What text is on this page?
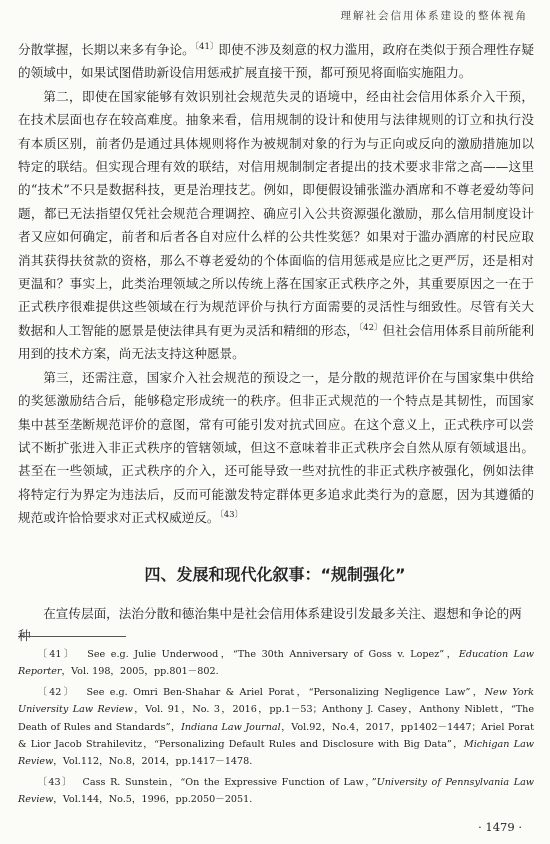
理解社会信用体系建设的整体视角

分散掌握，长期以来多有争论。$^{〔41〕}$即使不涉及刻意的权力滥用，政府在类似于预合理性存疑的领域中，如果试图借助新设信用惩戒扩展直接干预，都可预见将面临实施阻力。

第二，即使在国家能够有效识别社会规范失灵的语境中，经由社会信用体系介入干预，在技术层面也存在较高难度。抽象来看，信用规制的设计和使用与法律规则的订立和执行没有本质区别，前者仍是通过具体规则将作为被规制对象的行为与正向或反向的激励措施加以特定的联结。但实现合理有效的联结，对信用规制制定者提出的技术要求非常之高——这里的“技术”不只是数据科技，更是治理技艺。例如，即便假设铺张滥办酒席和不尊老爱幼等问题，都已无法指望仅凭社会规范合理调控、确应引入公共资源强化激励，那么信用制度设计者又应如何确定，前者和后者各自对应什么样的公共性奖惩？如果对于滥办酒席的村民应取消其获得扶贫款的资格，那么不尊老爱幼的个体面临的信用惩戒是应比之更严厉，还是相对更温和？事实上，此类治理领域之所以传统上落在国家正式秩序之外，其重要原因之一在于正式秩序很难提供这些领域在行为规范评价与执行方面需要的灵活性与细致性。尽管有关大数据和人工智能的愿景是使法律具有更为灵活和精细的形态，$^{〔42〕}$但社会信用体系目前所能利用到的技术方案，尚无法支持这种愿景。

第三，还需注意，国家介入社会规范的预设之一，是分散的规范评价在与国家集中供给的奖惩激励结合后，能够稳定形成统一的秩序。但非正式规范的一个特点是其韧性，而国家集中甚至垄断规范评价的意图，常有可能引发对抗式回应。在这个意义上，正式秩序可以尝试不断扩张进入非正式秩序的管辖领域，但这不意味着非正式秩序会自然从原有领域退出。甚至在一些领域，正式秩序的介入，还可能导致一些对抗性的非正式秩序被强化，例如法律将特定行为界定为违法后，反而可能激发特定群体更多追求此类行为的意愿，因为其遵循的规范或许恰恰要求对正式权威逆反。$^{〔43〕}$

四、发展和现代化叙事：“规制强化”

在宣传层面，法治分散和德治集中是社会信用体系建设引发最多关注、遐想和争论的两种

〔41〕 See e.g. Julie Underwood，“The 30th Anniversary of Goss v. Lopez”，Education Law Reporter，Vol. 198，2005，pp.801－802.

〔42〕 See e.g. Omri Ben-Shahar & Ariel Porat，“Personalizing Negligence Law”，New York University Law Review，Vol. 91，No. 3，2016，pp.1－53；Anthony J. Casey，Anthony Niblett，“The Death of Rules and Standards”，Indiana Law Journal，Vol.92，No.4，2017，pp1402－1447；Ariel Porat & Lior Jacob Strahilevitz，“Personalizing Default Rules and Disclosure with Big Data”，Michigan Law Review，Vol.112，No.8，2014，pp.1417－1478.

〔43〕 Cass R. Sunstein，“On the Expressive Function of Law，”University of Pennsylvania Law Review，Vol.144，No.5，1996，pp.2050－2051.

· 1479 ·
